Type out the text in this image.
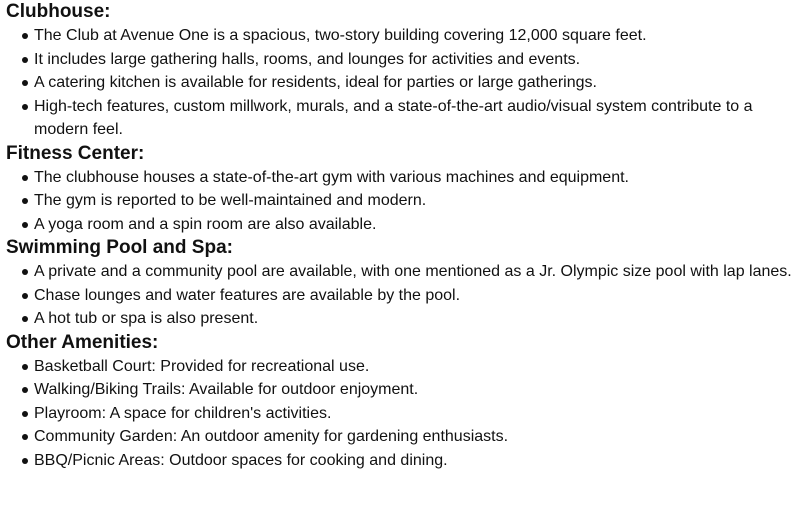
Clubhouse:
The Club at Avenue One is a spacious, two-story building covering 12,000 square feet.
It includes large gathering halls, rooms, and lounges for activities and events.
A catering kitchen is available for residents, ideal for parties or large gatherings.
High-tech features, custom millwork, murals, and a state-of-the-art audio/visual system contribute to a modern feel.
Fitness Center:
The clubhouse houses a state-of-the-art gym with various machines and equipment.
The gym is reported to be well-maintained and modern.
A yoga room and a spin room are also available.
Swimming Pool and Spa:
A private and a community pool are available, with one mentioned as a Jr. Olympic size pool with lap lanes.
Chase lounges and water features are available by the pool.
A hot tub or spa is also present.
Other Amenities:
Basketball Court: Provided for recreational use.
Walking/Biking Trails: Available for outdoor enjoyment.
Playroom: A space for children's activities.
Community Garden: An outdoor amenity for gardening enthusiasts.
BBQ/Picnic Areas: Outdoor spaces for cooking and dining.
